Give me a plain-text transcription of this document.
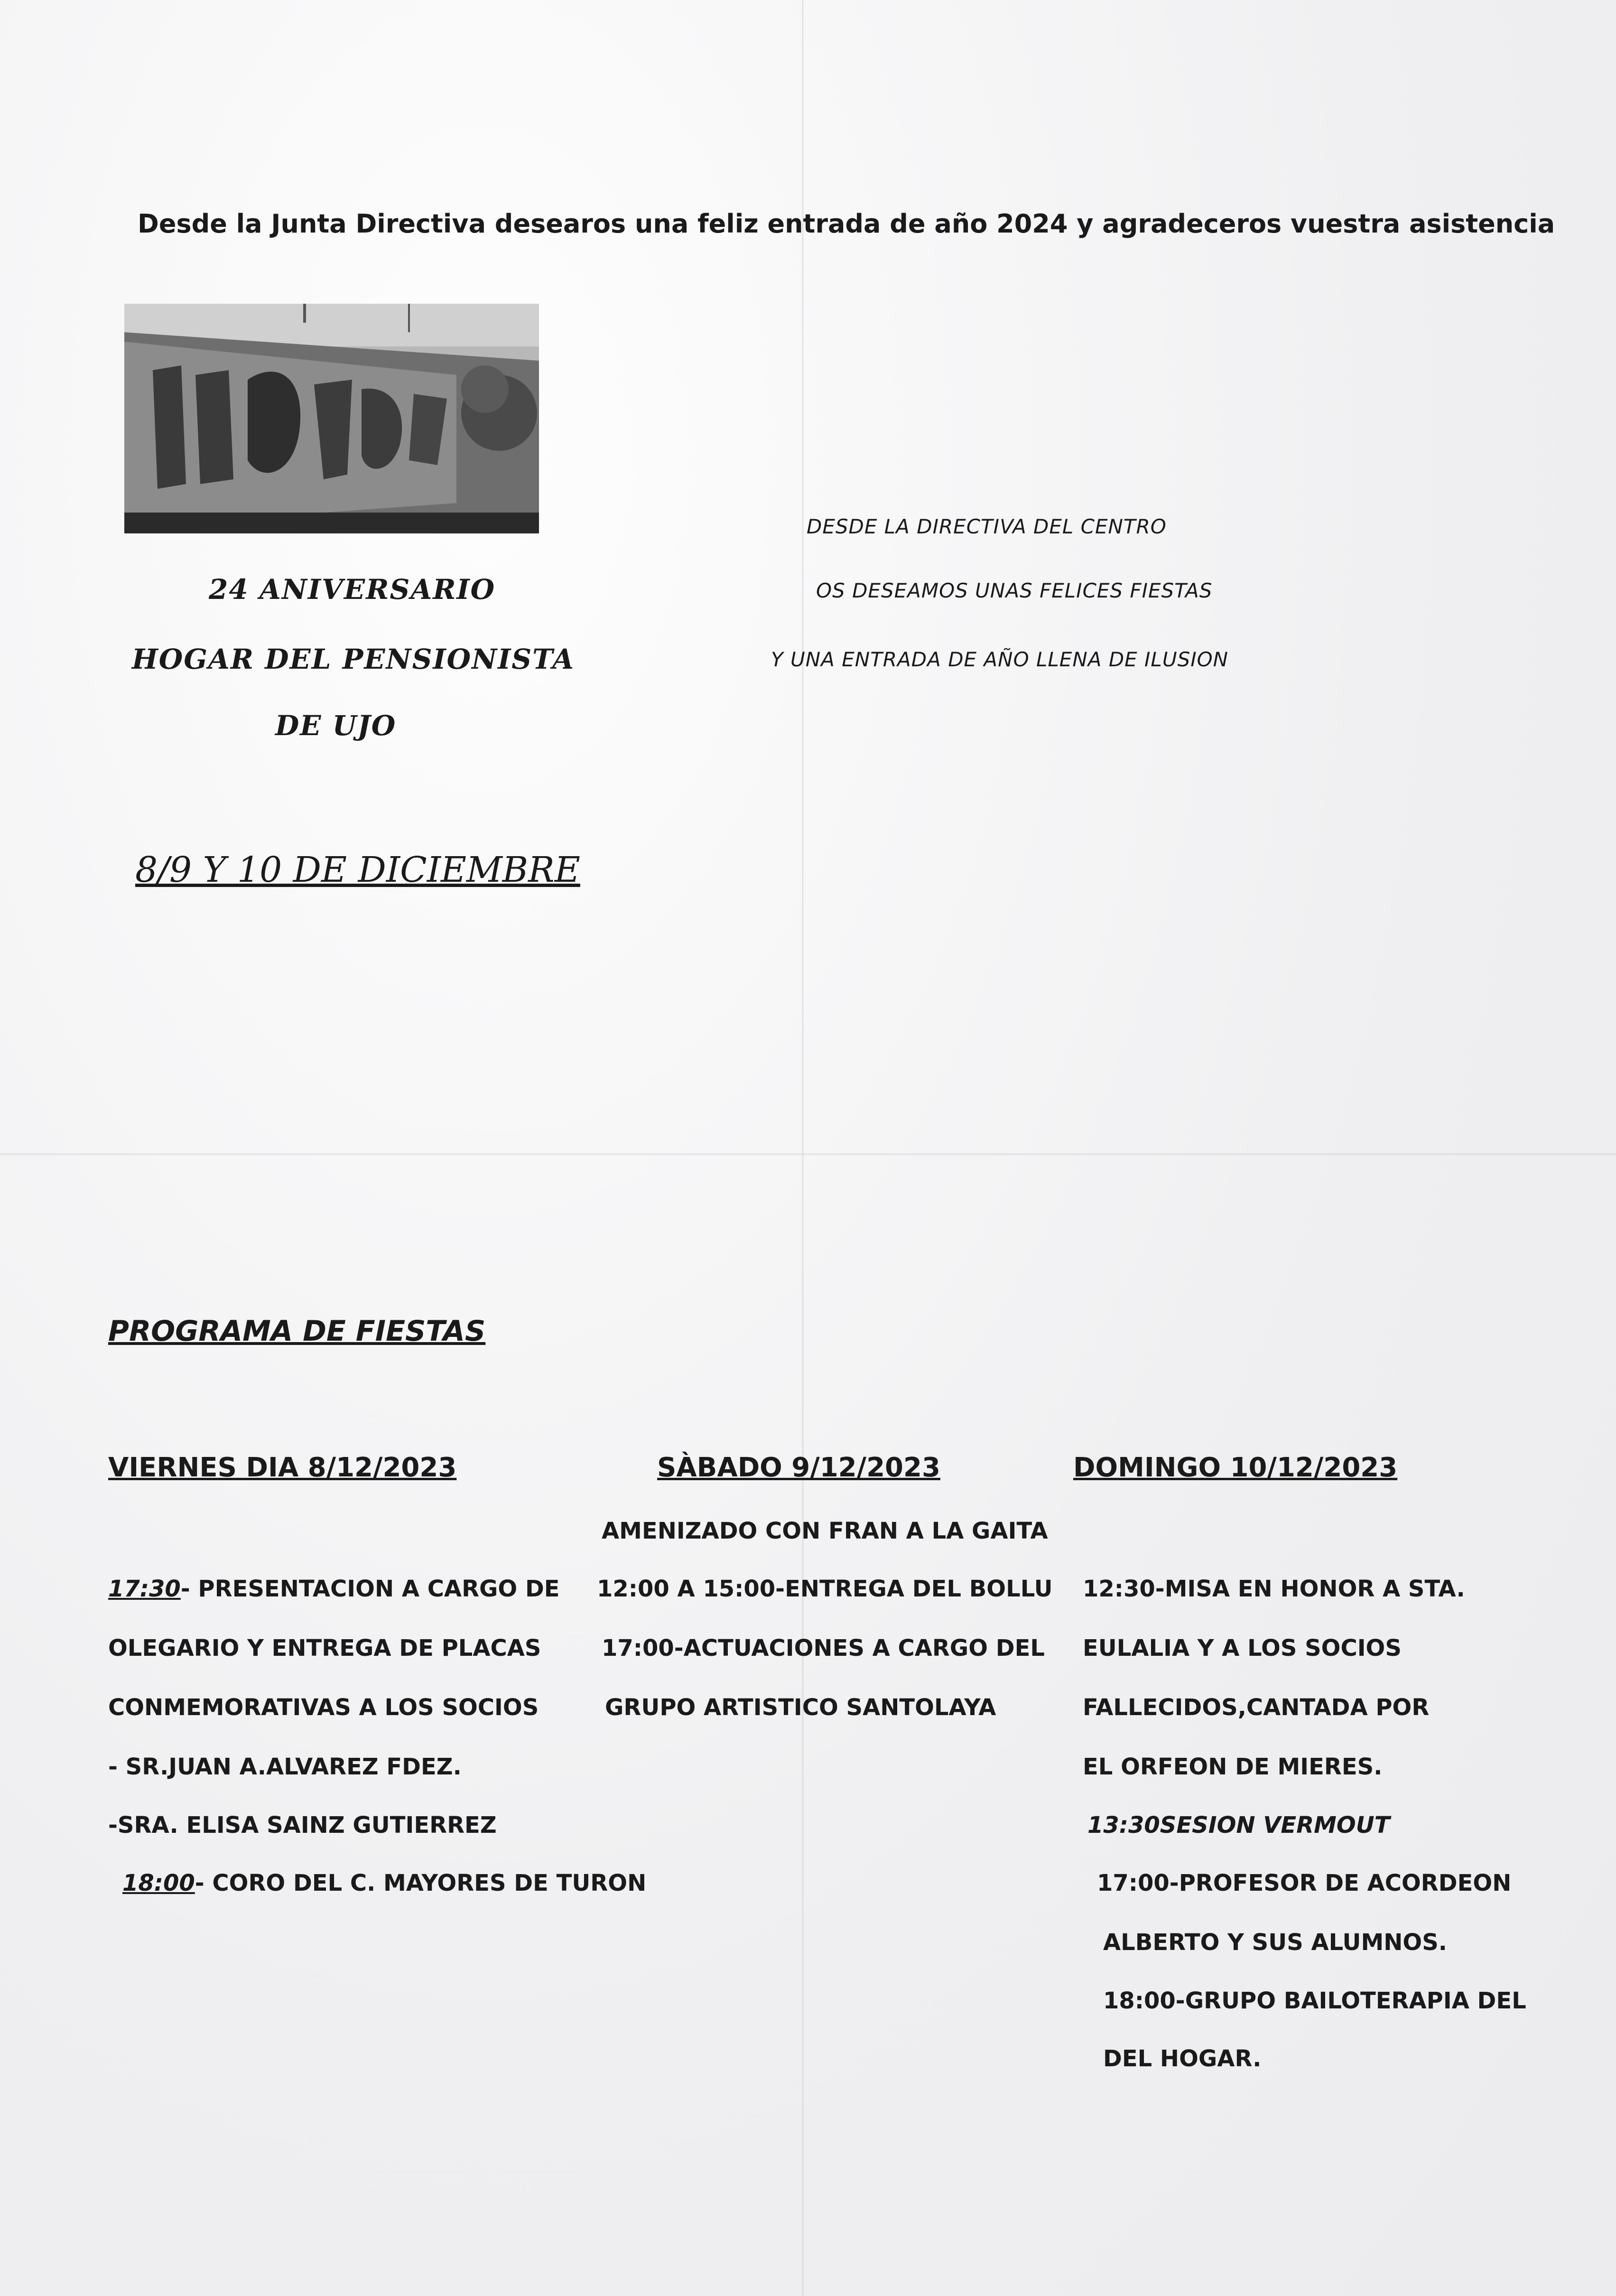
Desde la Junta Directiva desearos una feliz entrada de año 2024 y agradeceros vuestra asistencia
24 ANIVERSARIO
HOGAR DEL PENSIONISTA
DE UJO
8/9 Y 10 DE DICIEMBRE
DESDE LA DIRECTIVA DEL CENTRO
OS DESEAMOS UNAS FELICES FIESTAS
Y UNA ENTRADA DE AÑO LLENA DE ILUSION
PROGRAMA DE FIESTAS
VIERNES DIA 8/12/2023
17:30- PRESENTACION A CARGO DE
OLEGARIO Y ENTREGA DE PLACAS
CONMEMORATIVAS A LOS SOCIOS
- SR.JUAN A.ALVAREZ FDEZ.
-SRA. ELISA SAINZ GUTIERREZ
18:00- CORO DEL C. MAYORES DE TURON
SÀBADO 9/12/2023
AMENIZADO CON FRAN A LA GAITA
12:00 A 15:00-ENTREGA DEL BOLLU
17:00-ACTUACIONES A CARGO DEL
GRUPO ARTISTICO SANTOLAYA
DOMINGO 10/12/2023
12:30-MISA EN HONOR A STA.
EULALIA Y A LOS SOCIOS
FALLECIDOS,CANTADA POR
EL ORFEON DE MIERES.
13:30SESION VERMOUT
17:00-PROFESOR DE ACORDEON
ALBERTO Y SUS ALUMNOS.
18:00-GRUPO BAILOTERAPIA DEL
DEL HOGAR.
